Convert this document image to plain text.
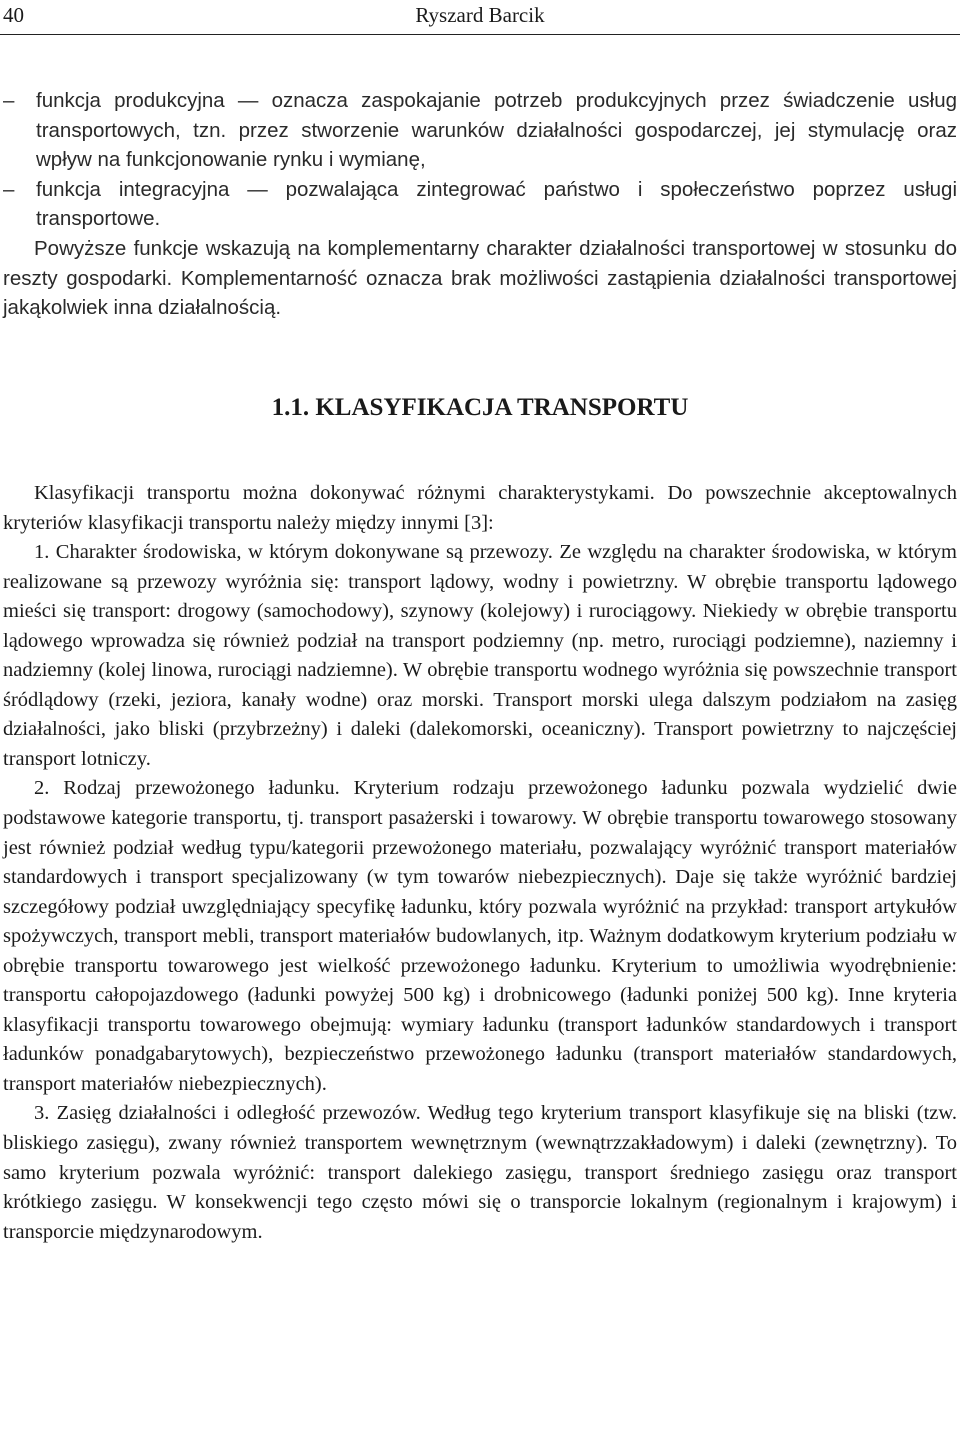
40	Ryszard Barcik
– funkcja produkcyjna — oznacza zaspokajanie potrzeb produkcyjnych przez świadczenie usług transportowych, tzn. przez stworzenie warunków działalności gospodarczej, jej stymulację oraz wpływ na funkcjonowanie rynku i wymianę,
– funkcja integracyjna — pozwalająca zintegrować państwo i społeczeństwo poprzez usługi transportowe.

Powyższe funkcje wskazują na komplementarny charakter działalności transportowej w stosunku do reszty gospodarki. Komplementarność oznacza brak możliwości zastąpienia działalności transportowej jakąkolwiek inna działalnością.

1.1. KLASYFIKACJA TRANSPORTU

Klasyfikacji transportu można dokonywać różnymi charakterystykami. Do powszechnie akceptowalnych kryteriów klasyfikacji transportu należy między innymi [3]:

1. Charakter środowiska, w którym dokonywane są przewozy. Ze względu na charakter środowiska, w którym realizowane są przewozy wyróżnia się: transport lądowy, wodny i powietrzny. W obrębie transportu lądowego mieści się transport: drogowy (samochodowy), szynowy (kolejowy) i rurociągowy. Niekiedy w obrębie transportu lądowego wprowadza się również podział na transport podziemny (np. metro, rurociągi podziemne), naziemny i nadziemny (kolej linowa, rurociągi nadziemne). W obrębie transportu wodnego wyróżnia się powszechnie transport śródlądowy (rzeki, jeziora, kanały wodne) oraz morski. Transport morski ulega dalszym podziałom na zasięg działalności, jako bliski (przybrzeżny) i daleki (dalekomorski, oceaniczny). Transport powietrzny to najczęściej transport lotniczy.

2. Rodzaj przewożonego ładunku. Kryterium rodzaju przewożonego ładunku pozwala wydzielić dwie podstawowe kategorie transportu, tj. transport pasażerski i towarowy. W obrębie transportu towarowego stosowany jest również podział według typu/kategorii przewożonego materiału, pozwalający wyróżnić transport materiałów standardowych i transport specjalizowany (w tym towarów niebezpiecznych). Daje się także wyróżnić bardziej szczegółowy podział uwzględniający specyfikę ładunku, który pozwala wyróżnić na przykład: transport artykułów spożywczych, transport mebli, transport materiałów budowlanych, itp. Ważnym dodatkowym kryterium podziału w obrębie transportu towarowego jest wielkość przewożonego ładunku. Kryterium to umożliwia wyodrębnienie: transportu całopojazdowego (ładunki powyżej 500 kg) i drobnicowego (ładunki poniżej 500 kg). Inne kryteria klasyfikacji transportu towarowego obejmują: wymiary ładunku (transport ładunków standardowych i transport ładunków ponadgabarytowych), bezpieczeństwo przewożonego ładunku (transport materiałów standardowych, transport materiałów niebezpiecznych).

3. Zasięg działalności i odległość przewozów. Według tego kryterium transport klasyfikuje się na bliski (tzw. bliskiego zasięgu), zwany również transportem wewnętrznym (wewnątrzzakładowym) i daleki (zewnętrzny). To samo kryterium pozwala wyróżnić: transport dalekiego zasięgu, transport średniego zasięgu oraz transport krótkiego zasięgu. W konsekwencji tego często mówi się o transporcie lokalnym (regionalnym i krajowym) i transporcie międzynarodowym.
